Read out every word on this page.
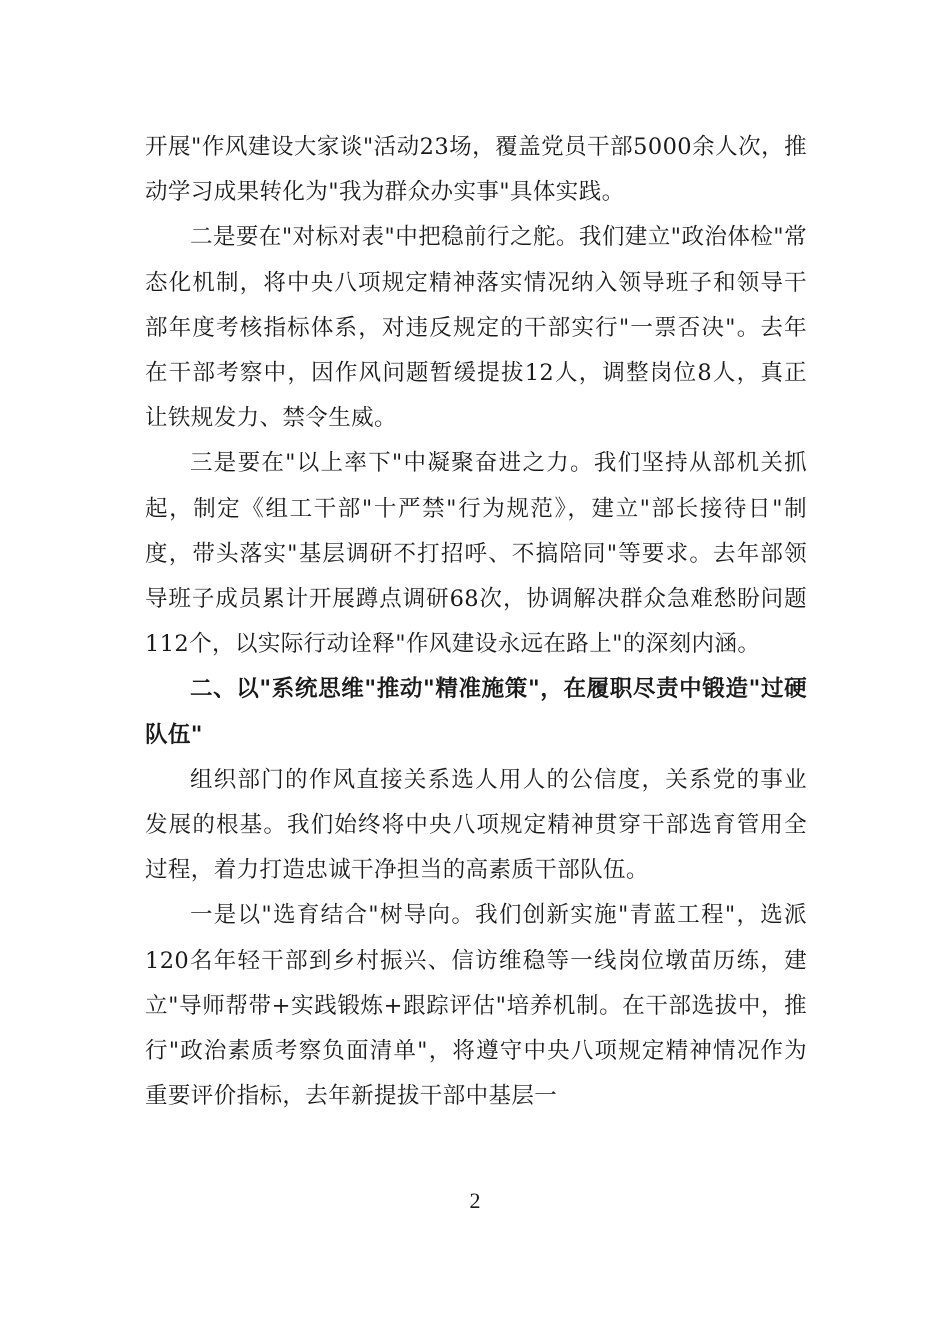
开展"作风建设大家谈"活动23场，覆盖党员干部5000余人次，推动学习成果转化为"我为群众办实事"具体实践。

二是要在"对标对表"中把稳前行之舵。我们建立"政治体检"常态化机制，将中央八项规定精神落实情况纳入领导班子和领导干部年度考核指标体系，对违反规定的干部实行"一票否决"。去年在干部考察中，因作风问题暂缓提拔12人，调整岗位8人，真正让铁规发力、禁令生威。

三是要在"以上率下"中凝聚奋进之力。我们坚持从部机关抓起，制定《组工干部"十严禁"行为规范》，建立"部长接待日"制度，带头落实"基层调研不打招呼、不搞陪同"等要求。去年部领导班子成员累计开展蹲点调研68次，协调解决群众急难愁盼问题112个，以实际行动诠释"作风建设永远在路上"的深刻内涵。

二、以"系统思维"推动"精准施策"，在履职尽责中锻造"过硬队伍"

组织部门的作风直接关系选人用人的公信度，关系党的事业发展的根基。我们始终将中央八项规定精神贯穿干部选育管用全过程，着力打造忠诚干净担当的高素质干部队伍。

一是以"选育结合"树导向。我们创新实施"青蓝工程"，选派120名年轻干部到乡村振兴、信访维稳等一线岗位墩苗历练，建立"导师帮带+实践锻炼+跟踪评估"培养机制。在干部选拔中，推行"政治素质考察负面清单"，将遵守中央八项规定精神情况作为重要评价指标，去年新提拔干部中基层一

2
